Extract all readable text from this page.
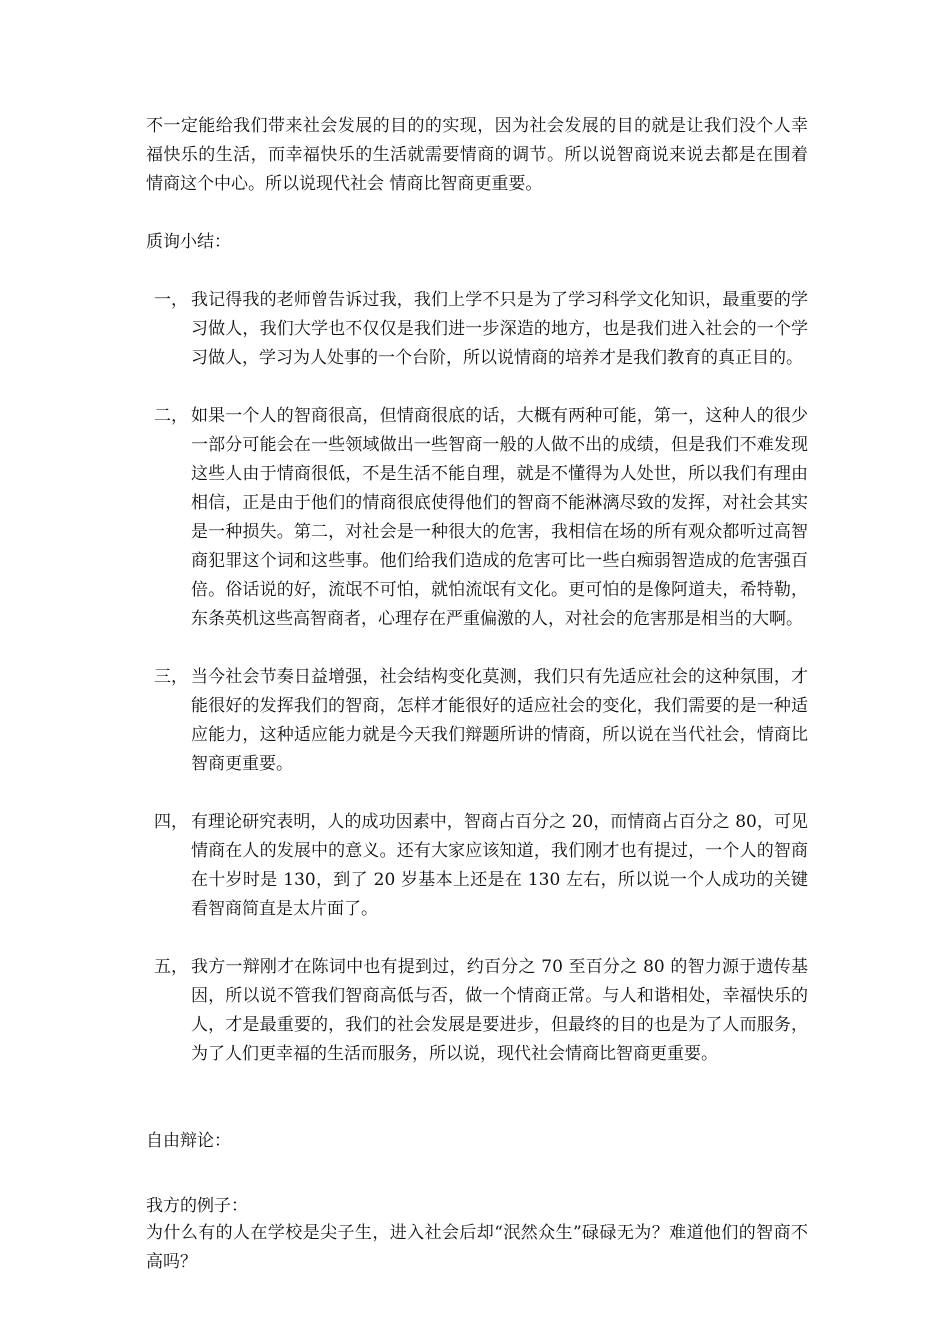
不一定能给我们带来社会发展的目的的实现，因为社会发展的目的就是让我们没个人幸福快乐的生活，而幸福快乐的生活就需要情商的调节。所以说智商说来说去都是在围着情商这个中心。所以说现代社会 情商比智商更重要。

质询小结：

一， 我记得我的老师曾告诉过我，我们上学不只是为了学习科学文化知识，最重要的学习做人，我们大学也不仅仅是我们进一步深造的地方，也是我们进入社会的一个学习做人，学习为人处事的一个台阶，所以说情商的培养才是我们教育的真正目的。
二， 如果一个人的智商很高，但情商很底的话，大概有两种可能，第一，这种人的很少一部分可能会在一些领域做出一些智商一般的人做不出的成绩，但是我们不难发现这些人由于情商很低，不是生活不能自理，就是不懂得为人处世，所以我们有理由相信，正是由于他们的情商很底使得他们的智商不能淋漓尽致的发挥，对社会其实是一种损失。第二，对社会是一种很大的危害，我相信在场的所有观众都听过高智商犯罪这个词和这些事。他们给我们造成的危害可比一些白痴弱智造成的危害强百倍。俗话说的好，流氓不可怕，就怕流氓有文化。更可怕的是像阿道夫，希特勒，东条英机这些高智商者，心理存在严重偏激的人，对社会的危害那是相当的大啊。
三， 当今社会节奏日益增强，社会结构变化莫测，我们只有先适应社会的这种氛围，才能很好的发挥我们的智商，怎样才能很好的适应社会的变化，我们需要的是一种适应能力，这种适应能力就是今天我们辩题所讲的情商，所以说在当代社会，情商比智商更重要。
四， 有理论研究表明，人的成功因素中，智商占百分之 20，而情商占百分之 80，可见情商在人的发展中的意义。还有大家应该知道，我们刚才也有提过，一个人的智商在十岁时是 130，到了 20 岁基本上还是在 130 左右，所以说一个人成功的关键看智商简直是太片面了。
五， 我方一辩刚才在陈词中也有提到过，约百分之 70 至百分之 80 的智力源于遗传基因，所以说不管我们智商高低与否，做一个情商正常。与人和谐相处，幸福快乐的人，才是最重要的，我们的社会发展是要进步，但最终的目的也是为了人而服务，为了人们更幸福的生活而服务，所以说，现代社会情商比智商更重要。

自由辩论：

我方的例子：

为什么有的人在学校是尖子生，进入社会后却“泯然众生”碌碌无为？难道他们的智商不高吗？
